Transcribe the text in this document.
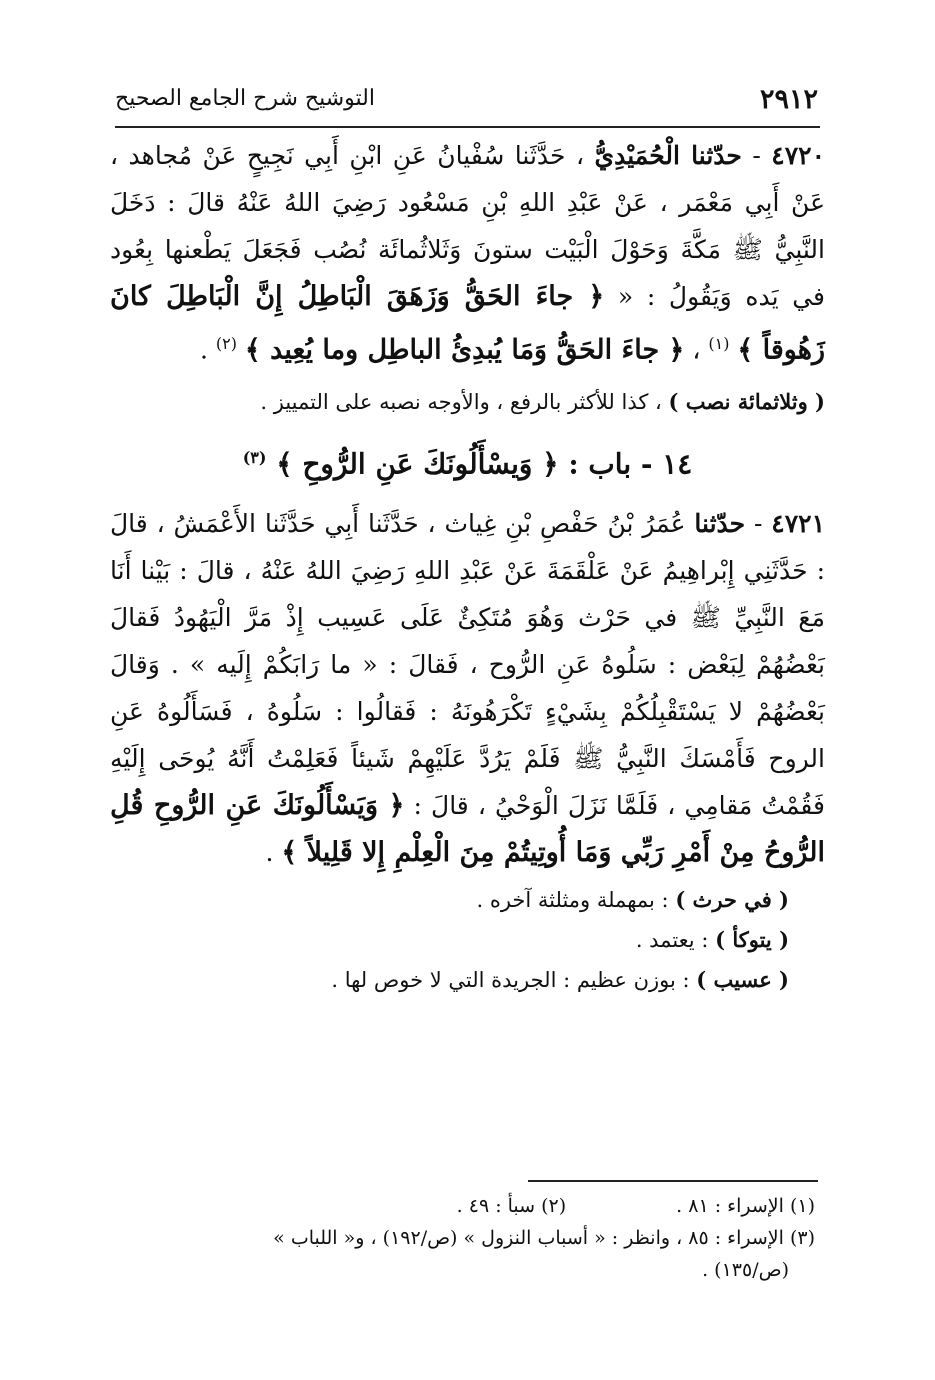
٢٩١٢
التوشيح شرح الجامع الصحيح

٤٧٢٠ - حدّثنا الْحُمَيْدِيُّ ، حَدَّثَنا سُفْيانُ عَنِ ابْنِ أَبِي نَجِيحٍ عَنْ مُجاهد ، عَنْ أَبِي مَعْمَر ، عَنْ عَبْدِ اللهِ بْنِ مَسْعُود رَضِيَ اللهُ عَنْهُ قالَ : دَخَلَ النَّبِيُّ ﷺ مَكَّةَ وَحَوْلَ الْبَيْت ستونَ وَثَلاثُمائَة نُصُب فَجَعَلَ يَطْعنها بِعُود في يَده وَيَقُولُ : « ﴿ جاءَ الحَقُّ وَزَهَقَ الْبَاطِلُ إِنَّ الْبَاطِلَ كانَ زَهُوقاً ﴾ $^{(١)}$ ، ﴿ جاءَ الحَقُّ وَمَا يُبدِئُ الباطِل وما يُعِيد ﴾ $^{(٢)}$ .

( وثلاثمائة نصب ) ، كذا للأكثر بالرفع ، والأوجه نصبه على التمييز .

١٤ - باب : ﴿ وَيسْأَلُونَكَ عَنِ الرُّوحِ ﴾ $^{(٣)}$

٤٧٢١ - حدّثنا عُمَرُ بْنُ حَفْصِ بْنِ غِياث ، حَدَّثَنا أَبِي حَدَّثَنا الأَعْمَشُ ، قالَ : حَدَّثَنِي إِبْراهِيمُ عَنْ عَلْقَمَةَ عَنْ عَبْدِ اللهِ رَضِيَ اللهُ عَنْهُ ، قالَ : بَيْنا أَنَا مَعَ النَّبِيِّ ﷺ في حَرْث وَهُوَ مُتَكِئٌ عَلَى عَسِيب إِذْ مَرَّ الْيَهُودُ فَقالَ بَعْضُهُمْ لِبَعْض : سَلُوهُ عَنِ الرُّوح ، فَقالَ : « ما رَابَكُمْ إِلَيه » . وَقالَ بَعْضُهُمْ لا يَسْتَقْبِلُكُمْ بِشَيْءٍ تَكْرَهُونَهُ : فَقالُوا : سَلُوهُ ، فَسَأَلُوهُ عَنِ الروح فَأَمْسَكَ النَّبِيُّ ﷺ فَلَمْ يَرُدَّ عَلَيْهِمْ شَيئاً فَعَلِمْتُ أَنَّهُ يُوحَى إِلَيْهِ فَقُمْتُ مَقامِي ، فَلَمَّا نَزَلَ الْوَحْيُ ، قالَ : ﴿ وَيَسْأَلُونَكَ عَنِ الرُّوحِ قُلِ الرُّوحُ مِنْ أَمْرِ رَبِّي وَمَا أُوتِيتُمْ مِنَ الْعِلْمِ إِلا قَلِيلاً ﴾ .

( في حرث ) : بمهملة ومثلثة آخره .

( يتوكأ ) : يعتمد .

( عسيب ) : بوزن عظيم : الجريدة التي لا خوص لها .

(١) الإسراء : ٨١ .

(٢) سبأ : ٤٩ .

(٣) الإسراء : ٨٥ ، وانظر : « أسباب النزول » (ص/١٩٢) ، و« اللباب »

(ص/١٣٥) .
